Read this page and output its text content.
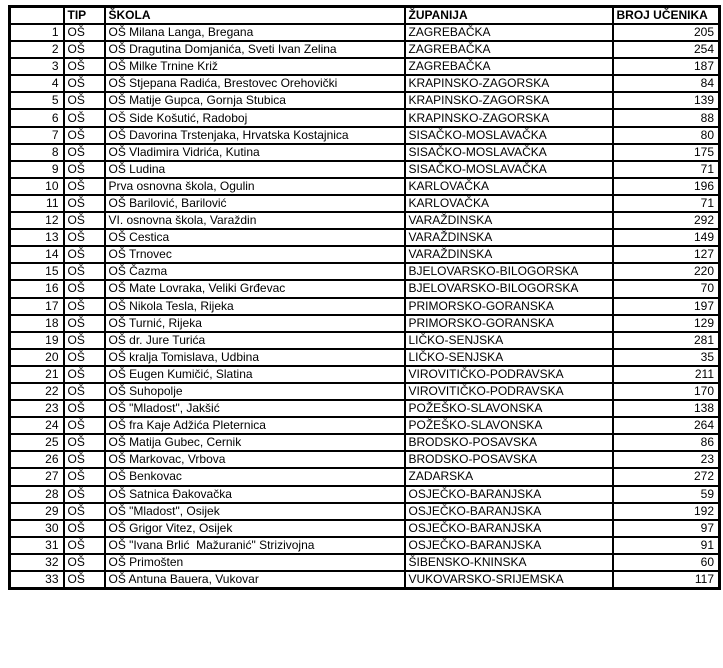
	TIP	ŠKOLA	ŽUPANIJA	BROJ UČENIKA
1	OŠ	OŠ Milana Langa, Bregana	ZAGREBAČKA	205
2	OŠ	OŠ Dragutina Domjanića, Sveti Ivan Zelina	ZAGREBAČKA	254
3	OŠ	OŠ Milke Trnine Križ	ZAGREBAČKA	187
4	OŠ	OŠ Stjepana Radića, Brestovec Orehovički	KRAPINSKO-ZAGORSKA	84
5	OŠ	OŠ Matije Gupca, Gornja Stubica	KRAPINSKO-ZAGORSKA	139
6	OŠ	OŠ Side Košutić, Radoboj	KRAPINSKO-ZAGORSKA	88
7	OŠ	OŠ Davorina Trstenjaka, Hrvatska Kostajnica	SISAČKO-MOSLAVAČKA	80
8	OŠ	OŠ Vladimira Vidrića, Kutina	SISAČKO-MOSLAVAČKA	175
9	OŠ	OŠ Ludina	SISAČKO-MOSLAVAČKA	71
10	OŠ	Prva osnovna škola, Ogulin	KARLOVAČKA	196
11	OŠ	OŠ Barilović, Barilović	KARLOVAČKA	71
12	OŠ	VI. osnovna škola, Varaždin	VARAŽDINSKA	292
13	OŠ	OŠ Cestica	VARAŽDINSKA	149
14	OŠ	OŠ Trnovec	VARAŽDINSKA	127
15	OŠ	OŠ Čazma	BJELOVARSKO-BILOGORSKA	220
16	OŠ	OŠ Mate Lovraka, Veliki Grđevac	BJELOVARSKO-BILOGORSKA	70
17	OŠ	OŠ Nikola Tesla, Rijeka	PRIMORSKO-GORANSKA	197
18	OŠ	OŠ Turnić, Rijeka	PRIMORSKO-GORANSKA	129
19	OŠ	OŠ dr. Jure Turića	LIČKO-SENJSKA	281
20	OŠ	OŠ kralja Tomislava, Udbina	LIČKO-SENJSKA	35
21	OŠ	OŠ Eugen Kumičić, Slatina	VIROVITIČKO-PODRAVSKA	211
22	OŠ	OŠ Suhopolje	VIROVITIČKO-PODRAVSKA	170
23	OŠ	OŠ "Mladost", Jakšić	POŽEŠKO-SLAVONSKA	138
24	OŠ	OŠ fra Kaje Adžića Pleternica	POŽEŠKO-SLAVONSKA	264
25	OŠ	OŠ Matija Gubec, Cernik	BRODSKO-POSAVSKA	86
26	OŠ	OŠ Markovac, Vrbova	BRODSKO-POSAVSKA	23
27	OŠ	OŠ Benkovac	ZADARSKA	272
28	OŠ	OŠ Satnica Đakovačka	OSJEČKO-BARANJSKA	59
29	OŠ	OŠ "Mladost", Osijek	OSJEČKO-BARANJSKA	192
30	OŠ	OŠ Grigor Vitez, Osijek	OSJEČKO-BARANJSKA	97
31	OŠ	OŠ "Ivana Brlić  Mažuranić" Strizivojna	OSJEČKO-BARANJSKA	91
32	OŠ	OŠ Primošten	ŠIBENSKO-KNINSKA	60
33	OŠ	OŠ Antuna Bauera, Vukovar	VUKOVARSKO-SRIJEMSKA	117
